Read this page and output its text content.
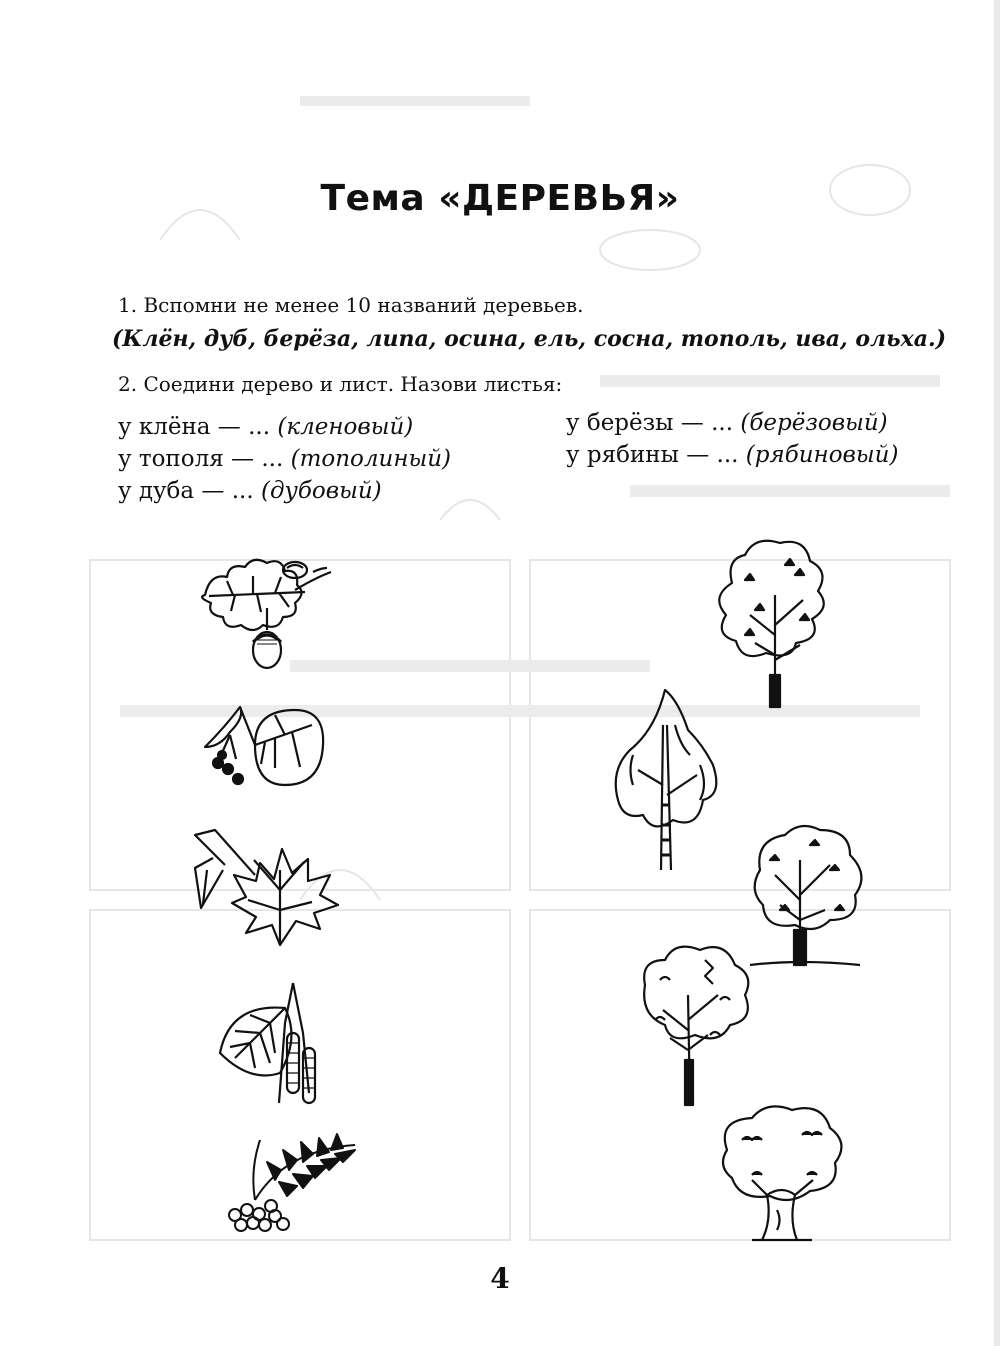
Тема «ДЕРЕВЬЯ»
1. Вспомни не менее 10 названий деревьев.
(Клён, дуб, берёза, липа, осина, ель, сосна, тополь, ива, ольха.)
2. Соедини дерево и лист. Назови листья:
у клёна — ... (кленовый)
у тополя — ... (тополиный)
у дуба — ... (дубовый)
у берёзы — ... (берёзовый)
у рябины — ... (рябиновый)
4
